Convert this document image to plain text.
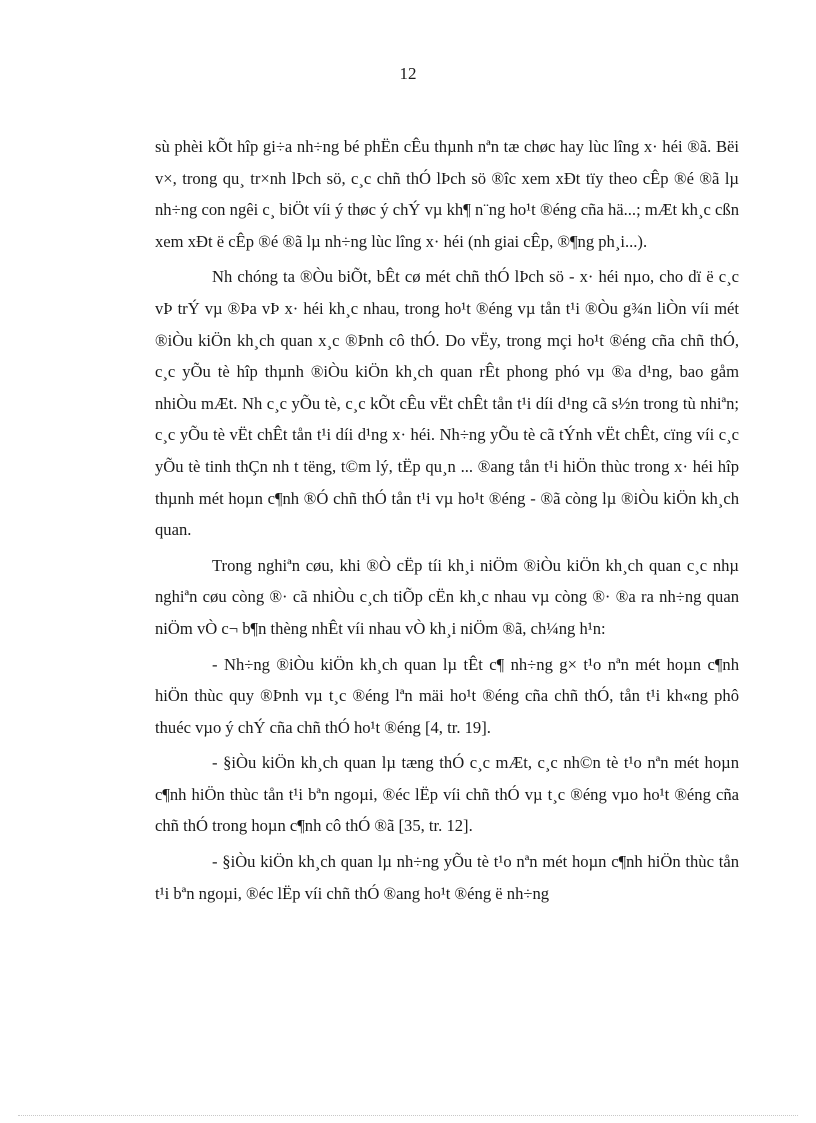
12

sù phèi kÕt hîp gi÷a nh÷ng bé phËn cÊu thµnh nªn tæ chøc hay lùc lîng x· héi ®ã. Bëi v×, trong qu¸ tr×nh lÞch sö, c¸c chñ thÓ lÞch sö ®îc xem xÐt tïy theo cÊp ®é ®ã lµ nh÷ng con ngêi c¸ biÖt víi ý thøc ý chÝ vµ kh¶ n¨ng ho¹t ®éng cña hä...; mÆt kh¸c cßn xem xÐt ë cÊp ®é ®ã lµ nh÷ng lùc lîng x· héi (nh giai cÊp, ®¶ng ph¸i...).

Nh chóng ta ®Òu biÕt, bÊt cø mét chñ thÓ lÞch sö - x· héi nµo, cho dï ë c¸c vÞ trÝ vµ ®Þa vÞ x· héi kh¸c nhau, trong ho¹t ®éng vµ tån t¹i ®Òu g¾n liÒn víi mét ®iÒu kiÖn kh¸ch quan x¸c ®Þnh cô thÓ. Do vËy, trong mçi ho¹t ®éng cña chñ thÓ, c¸c yÕu tè hîp thµnh ®iÒu kiÖn kh¸ch quan rÊt phong phó vµ ®a d¹ng, bao gåm nhiÒu mÆt. Nh c¸c yÕu tè, c¸c kÕt cÊu vËt chÊt tån t¹i díi d¹ng cã s½n trong tù nhiªn; c¸c yÕu tè vËt chÊt tån t¹i díi d¹ng x· héi. Nh÷ng yÕu tè cã tÝnh vËt chÊt, cïng víi c¸c yÕu tè tinh thÇn nh t tëng, t©m lý, tËp qu¸n ... ®ang tån t¹i hiÖn thùc trong x· héi hîp thµnh mét hoµn c¶nh ®Ó chñ thÓ tån t¹i vµ ho¹t ®éng - ®ã còng lµ ®iÒu kiÖn kh¸ch quan.

Trong nghiªn cøu, khi ®Ò cËp tíi kh¸i niÖm ®iÒu kiÖn kh¸ch quan c¸c nhµ nghiªn cøu còng ®· cã nhiÒu c¸ch tiÕp cËn kh¸c nhau vµ còng ®· ®a ra nh÷ng quan niÖm vÒ c¬ b¶n thèng nhÊt víi nhau vÒ kh¸i niÖm ®ã, ch¼ng h¹n:

- Nh÷ng ®iÒu kiÖn kh¸ch quan lµ tÊt c¶ nh÷ng g× t¹o nªn mét hoµn c¶nh hiÖn thùc quy ®Þnh vµ t¸c ®éng lªn mäi ho¹t ®éng cña chñ thÓ, tån t¹i kh«ng phô thuéc vµo ý chÝ cña chñ thÓ ho¹t ®éng [4, tr. 19].

- §iÒu kiÖn kh¸ch quan lµ tæng thÓ c¸c mÆt, c¸c nh©n tè t¹o nªn mét hoµn c¶nh hiÖn thùc tån t¹i bªn ngoµi, ®éc lËp víi chñ thÓ vµ t¸c ®éng vµo ho¹t ®éng cña chñ thÓ trong hoµn c¶nh cô thÓ ®ã [35, tr. 12].

- §iÒu kiÖn kh¸ch quan lµ nh÷ng yÕu tè t¹o nªn mét hoµn c¶nh hiÖn thùc tån t¹i bªn ngoµi, ®éc lËp víi chñ thÓ ®ang ho¹t ®éng ë nh÷ng
